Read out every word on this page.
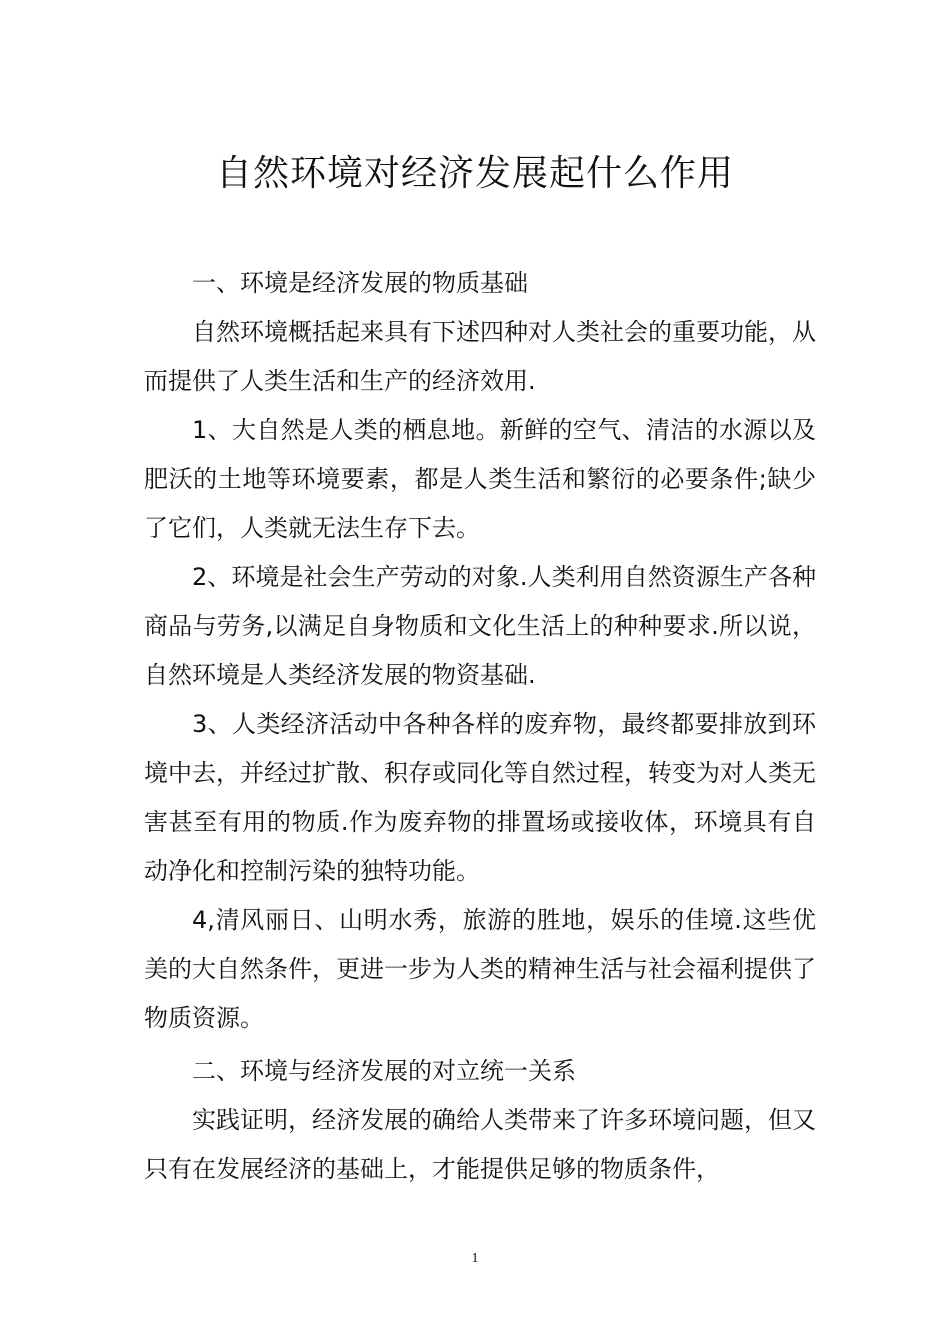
自然环境对经济发展起什么作用

一、环境是经济发展的物质基础

自然环境概括起来具有下述四种对人类社会的重要功能，从而提供了人类生活和生产的经济效用.

1、大自然是人类的栖息地。新鲜的空气、清洁的水源以及肥沃的土地等环境要素，都是人类生活和繁衍的必要条件;缺少了它们，人类就无法生存下去。

2、环境是社会生产劳动的对象.人类利用自然资源生产各种商品与劳务,以满足自身物质和文化生活上的种种要求.所以说，自然环境是人类经济发展的物资基础.

3、人类经济活动中各种各样的废弃物，最终都要排放到环境中去，并经过扩散、积存或同化等自然过程，转变为对人类无害甚至有用的物质.作为废弃物的排置场或接收体，环境具有自动净化和控制污染的独特功能。

4,清风丽日、山明水秀，旅游的胜地，娱乐的佳境.这些优美的大自然条件，更进一步为人类的精神生活与社会福利提供了物质资源。

二、环境与经济发展的对立统一关系

实践证明，经济发展的确给人类带来了许多环境问题，但又只有在发展经济的基础上，才能提供足够的物质条件，

1
